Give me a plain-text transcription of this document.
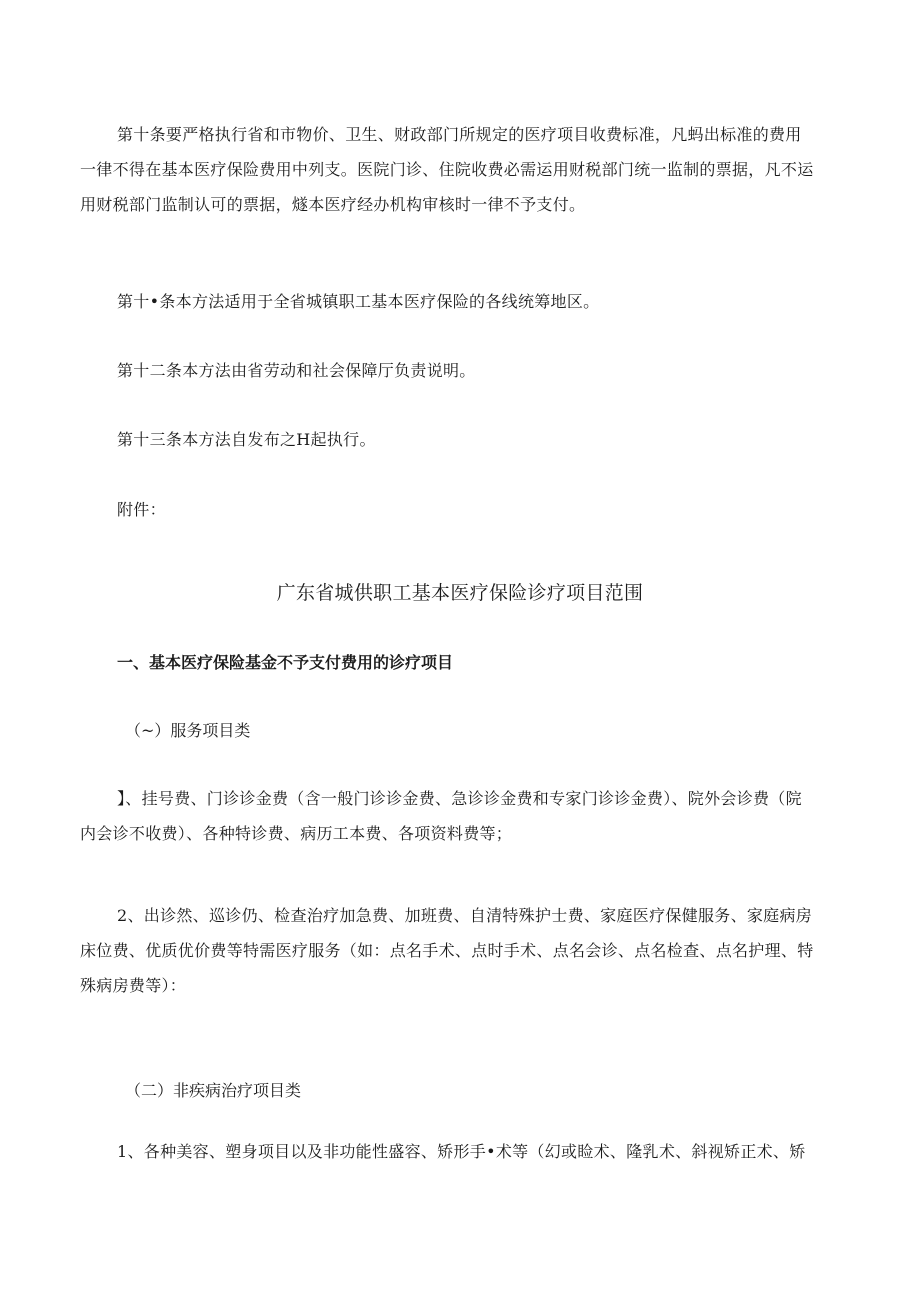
第十条要严格执行省和市物价、卫生、财政部门所规定的医疗项目收费标准，凡蚂出标准的费用
一律不得在基本医疗保险费用中列支。医院门诊、住院收费必需运用财税部门统一监制的票据，凡不运
用财税部门监制认可的票据，燧本医疗经办机构审核时一律不予支付。
第十•条本方法适用于全省城镇职工基本医疗保险的各线统筹地区。
第十二条本方法由省劳动和社会保障厅负责说明。
第十三条本方法自发布之H起执行。
附件：
广东省城供职工基本医疗保险诊疗项目范围
一、基本医疗保险基金不予支付费用的诊疗项目
（~）服务项目类
】、挂号费、门诊诊金费（含一般门诊诊金费、急诊诊金费和专家门诊诊金费）、院外会诊费（院
内会诊不收费）、各种特诊费、病历工本费、各项资料费等；
2、出诊然、巡诊仍、检查治疗加急费、加班费、自清特殊护士费、家庭医疗保健服务、家庭病房
床位费、优质优价费等特需医疗服务（如：点名手术、点时手术、点名会诊、点名检查、点名护理、特
殊病房费等）：
（二）非疾病治疗项目类
1、各种美容、塑身项目以及非功能性盛容、矫形手•术等（幻或睑术、隆乳术、斜视矫正术、矫
